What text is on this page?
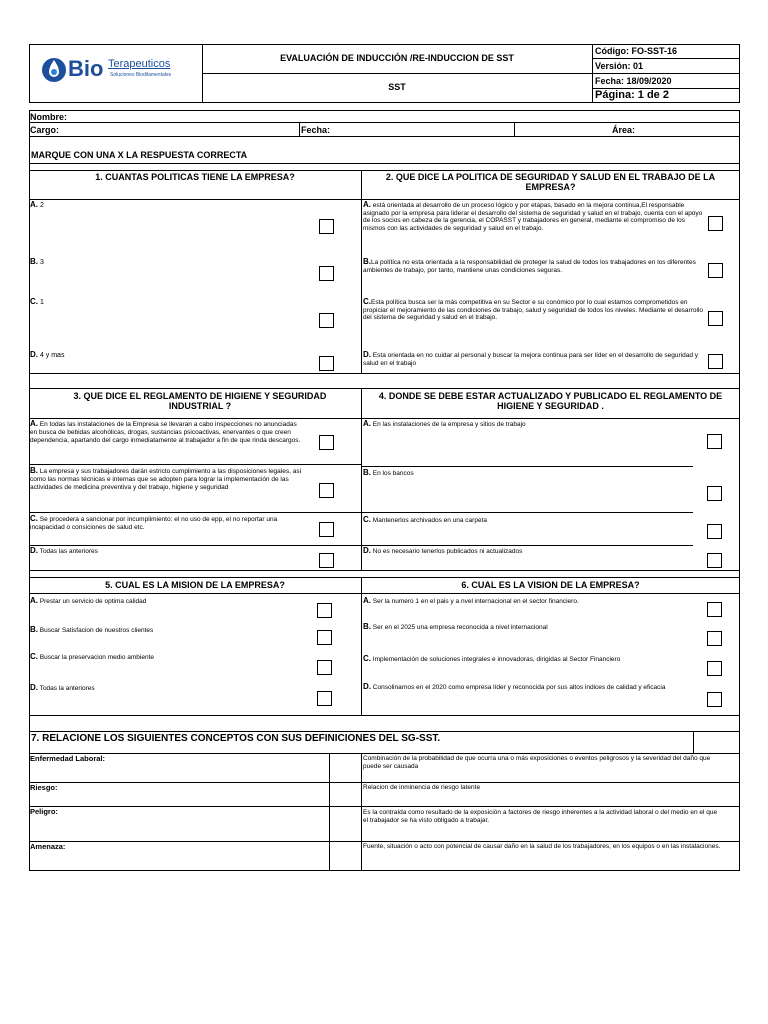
Bio Terapeuticos
Soluciones Biodilamentales
EVALUACIÓN DE INDUCCIÓN /RE-INDUCCION DE SST
SST
Código: FO-SST-16
Versión: 01
Fecha: 18/09/2020
Página: 1 de 2
Nombre:
Cargo:	Fecha:	Área:
MARQUE CON UNA X LA RESPUESTA CORRECTA
1. CUANTAS POLITICAS TIENE LA EMPRESA?	2. QUE DICE LA POLITICA DE SEGURIDAD Y SALUD EN EL TRABAJO DE LA EMPRESA?
A. 2
B. 3
C. 1
D. 4 y mas
A. está orientada al desarrollo de un proceso lógico y por etapas, basado en la mejora continua,El responsable asignado por la empresa para liderar el desarrollo del sistema de seguridad y salud en el trabajo, cuenta con el apoyo de los socios en cabeza de la gerencia, el COPASST y trabajadores en general, mediante el compromiso de los mismos con las actividades de seguridad y salud en el trabajo.
B.La política no esta orientada a la responsabilidad de proteger la salud de todos los trabajadores en los diferentes ambientes de trabajo, por tanto, mantiene unas condiciones seguras.
C.Esta política busca ser la más competitiva en su Sector e su conómico por lo cual estamos comprometidos en propiciar el mejoramiento de las condiciones de trabajo, salud y seguridad de todos los niveles. Mediante el desarrollo del sistema de seguridad y salud en el trabajo.
D. Esta orientada en no cuidar al personal y buscar la mejora continua para ser líder en el desarrollo de seguridad y salud en el trabajo
3. QUE DICE EL REGLAMENTO DE HIGIENE Y SEGURIDAD INDUSTRIAL ?
4. DONDE SE DEBE ESTAR ACTUALIZADO Y PUBLICADO EL REGLAMENTO DE HIGIENE Y SEGURIDAD .
A. En todas las instalaciones de la Empresa se llevaran a cabo inspecciones no anunciadas en busca de bebidas alcohólicas, drogas, sustancias psicoactivas, enervantes o que creen dependencia, apartando del cargo inmediatamente al trabajador a fin de que rinda descargos.
B. La empresa y sus trabajadores darán estricto cumplimiento a las disposiciones legales, así como las normas técnicas e internas que se adopten para lograr la implementación de las actividades de medicina preventiva y del trabajo, higiene y seguridad
C. Se procedera a sancionar por incumplimiento: el no uso de epp, el no reportar una incapacidad o consiciones de salud etc.
D. Todas las anteriores
A. En las instalaciones de la empresa y sitios de trabajo
B. En los bancos
C. Mantenerlos archivados en una carpeta
D. No es necesario tenerlos publicados ni actualizados
5. CUAL ES LA MISION DE LA EMPRESA?	6. CUAL ES LA VISION DE LA EMPRESA?
A. Prestar un servicio de optima calidad
B. Buscar Satisfacion de nuestros clientes
C. Buscar la preservacion medio ambiente
D. Todas la anteriores
A. Ser la numero 1 en el pais y a nvel internacional en el sector financiero.
B. Ser en el 2025 una empresa reconocida a nivel internacional
C. Implementación de soluciones integrales e innovadoras, dirigidas al Sector Financiero
D. Consolinarnos en el 2020 como empresa líder y reconocida por sus altos indices de calidad y eficacia
7. RELACIONE LOS SIGUIENTES CONCEPTOS CON SUS DEFINICIONES DEL SG-SST.
Enfermedad Laboral:	Combinación de la probabilidad de que ocurra una o más exposiciones o eventos peligrosos y la severidad del daño que puede ser causada
Riesgo:	Relacion de inminencia de riesgo latente
Peligro:	Es la contraída como resultado de la exposición a factores de riesgo inherentes a la actividad laboral o del medio en el que el trabajador se ha visto obligado a trabajar.
Amenaza:	Fuente, situación o acto con potencial de causar daño en la salud de los trabajadores, en los equipos o en las instalaciones.
